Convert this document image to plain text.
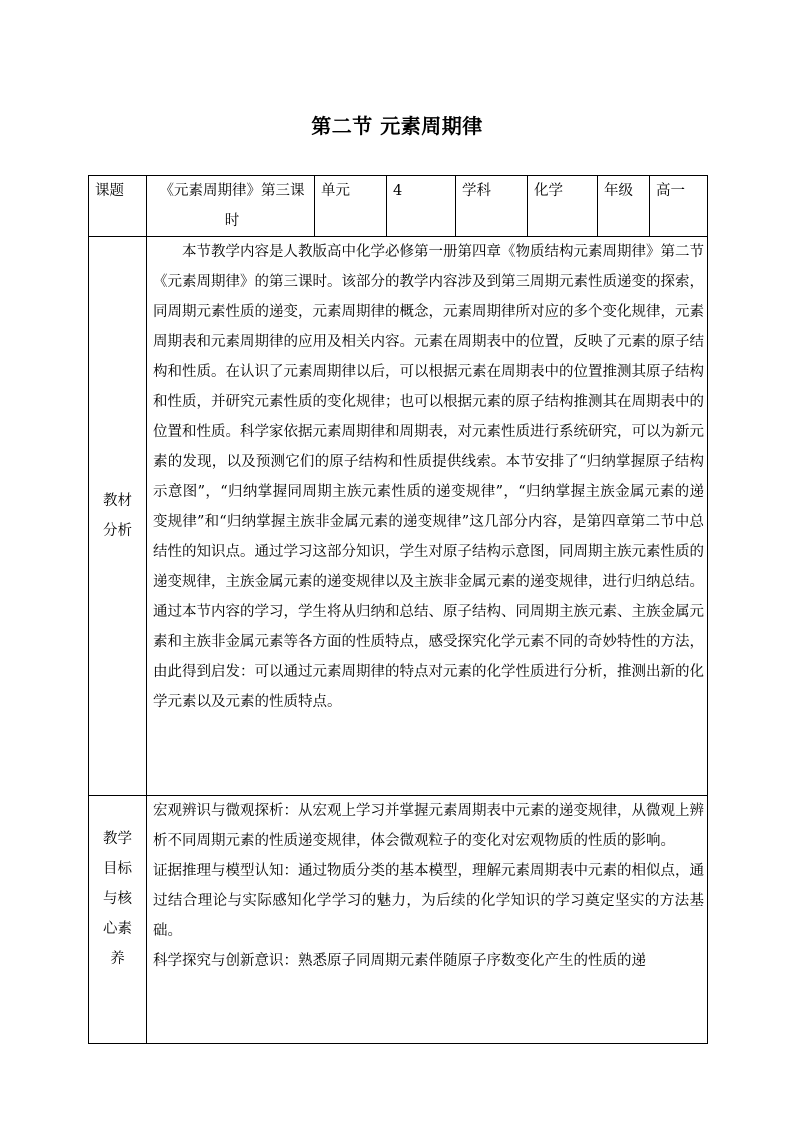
第二节 元素周期律
课题	《元素周期律》第三课时	单元	4	学科	化学	年级	高一
教材分析	本节教学内容是人教版高中化学必修第一册第四章《物质结构元素周期律》第二节《元素周期律》的第三课时。该部分的教学内容涉及到第三周期元素性质递变的探索，同周期元素性质的递变，元素周期律的概念，元素周期律所对应的多个变化规律，元素周期表和元素周期律的应用及相关内容。元素在周期表中的位置，反映了元素的原子结构和性质。在认识了元素周期律以后，可以根据元素在周期表中的位置推测其原子结构和性质，并研究元素性质的变化规律；也可以根据元素的原子结构推测其在周期表中的位置和性质。科学家依据元素周期律和周期表，对元素性质进行系统研究，可以为新元素的发现，以及预测它们的原子结构和性质提供线索。本节安排了“归纳掌握原子结构示意图”，“归纳掌握同周期主族元素性质的递变规律”，“归纳掌握主族金属元素的递变规律”和“归纳掌握主族非金属元素的递变规律”这几部分内容，是第四章第二节中总结性的知识点。通过学习这部分知识，学生对原子结构示意图，同周期主族元素性质的递变规律，主族金属元素的递变规律以及主族非金属元素的递变规律，进行归纳总结。通过本节内容的学习，学生将从归纳和总结、原子结构、同周期主族元素、主族金属元素和主族非金属元素等各方面的性质特点，感受探究化学元素不同的奇妙特性的方法，由此得到启发：可以通过元素周期律的特点对元素的化学性质进行分析，推测出新的化学元素以及元素的性质特点。						

教学目标与核心素养	宏观辨识与微观探析：从宏观上学习并掌握元素周期表中元素的递变规律，从微观上辨析不同周期元素的性质递变规律，体会微观粒子的变化对宏观物质的性质的影响。

证据推理与模型认知：通过物质分类的基本模型，理解元素周期表中元素的相似点，通过结合理论与实际感知化学学习的魅力，为后续的化学知识的学习奠定坚实的方法基础。

科学探究与创新意识：熟悉原子同周期元素伴随原子序数变化产生的性质的递						
